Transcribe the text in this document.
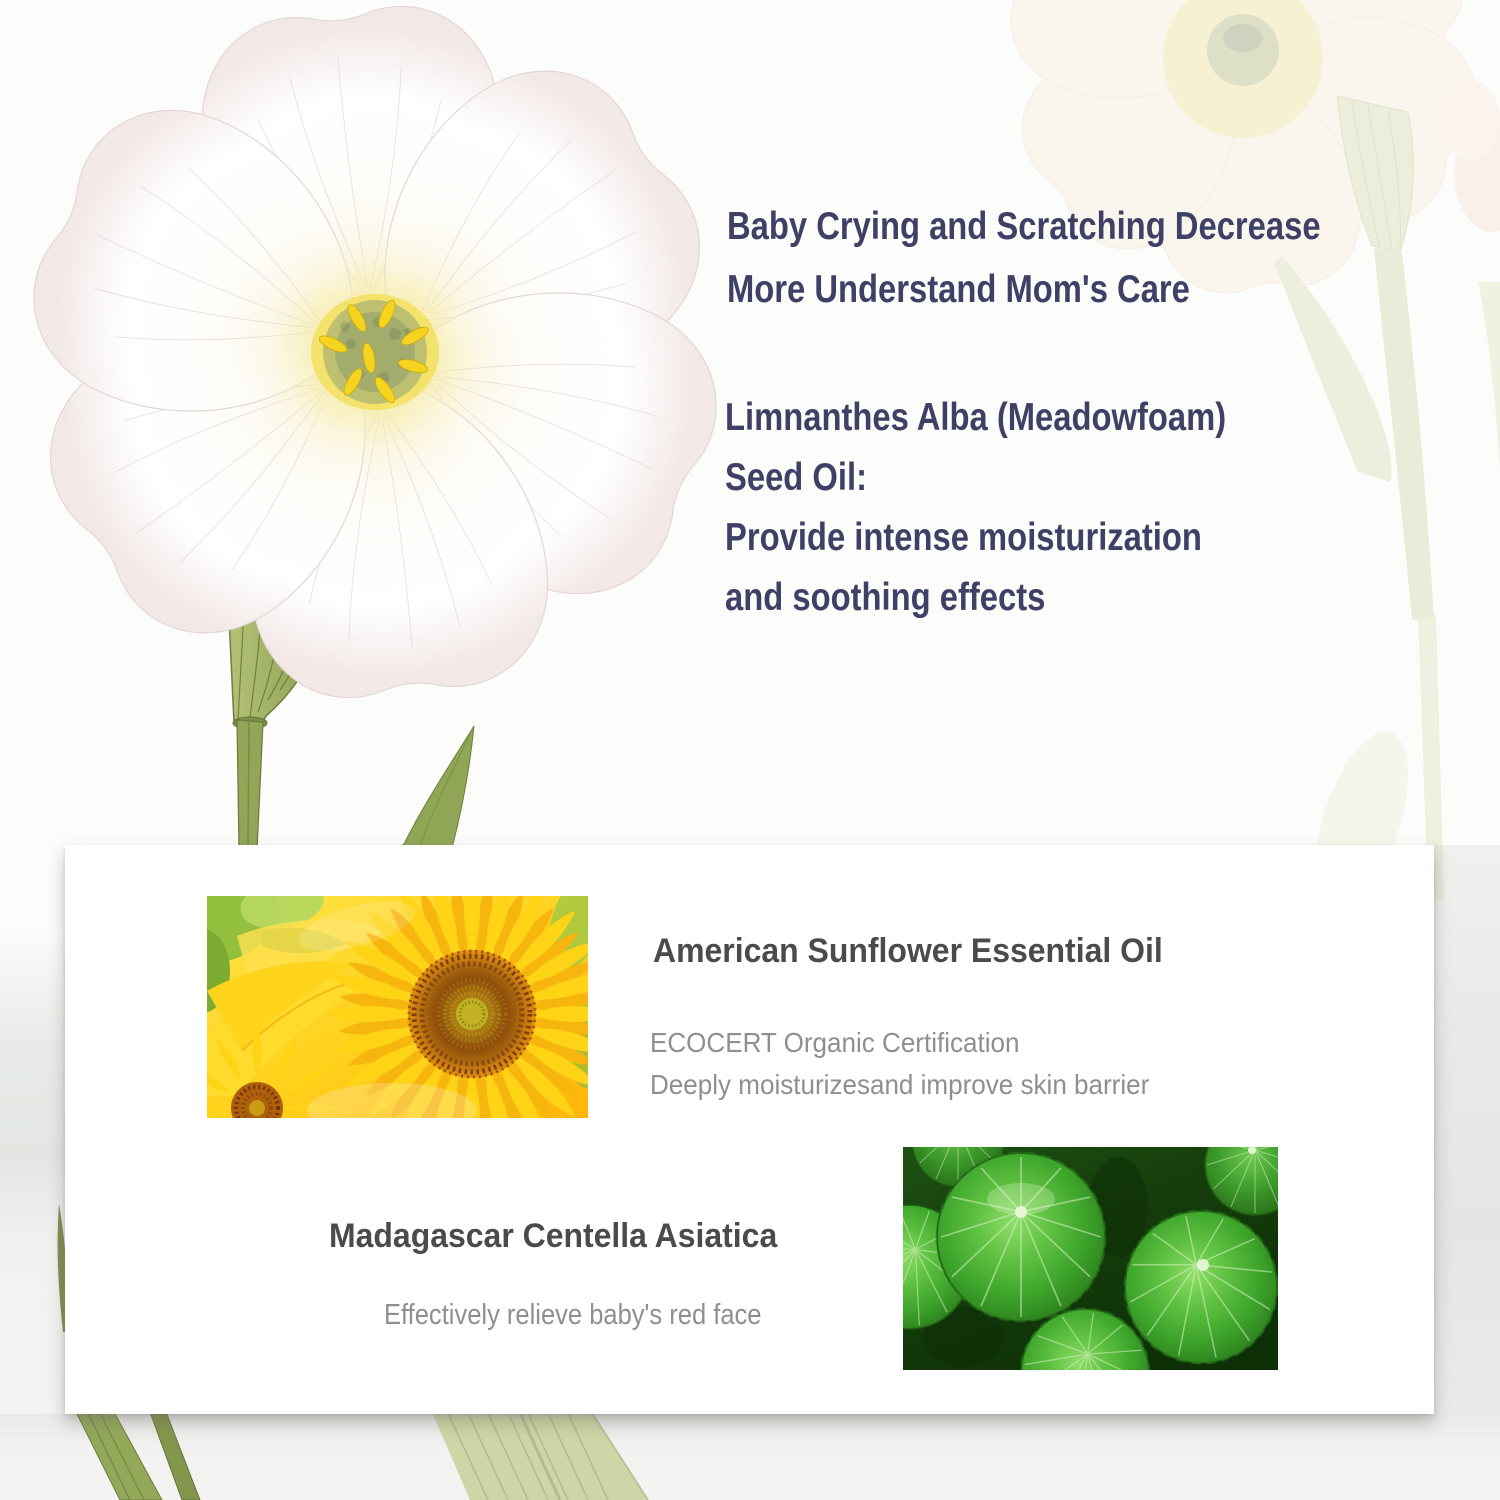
Baby Crying and Scratching Decrease
More Understand Mom's Care
Limnanthes Alba (Meadowfoam)
Seed Oil:
Provide intense moisturization
and soothing effects
American Sunflower Essential Oil
ECOCERT Organic Certification
Deeply moisturizesand improve skin barrier
Madagascar Centella Asiatica
Effectively relieve baby's red face
